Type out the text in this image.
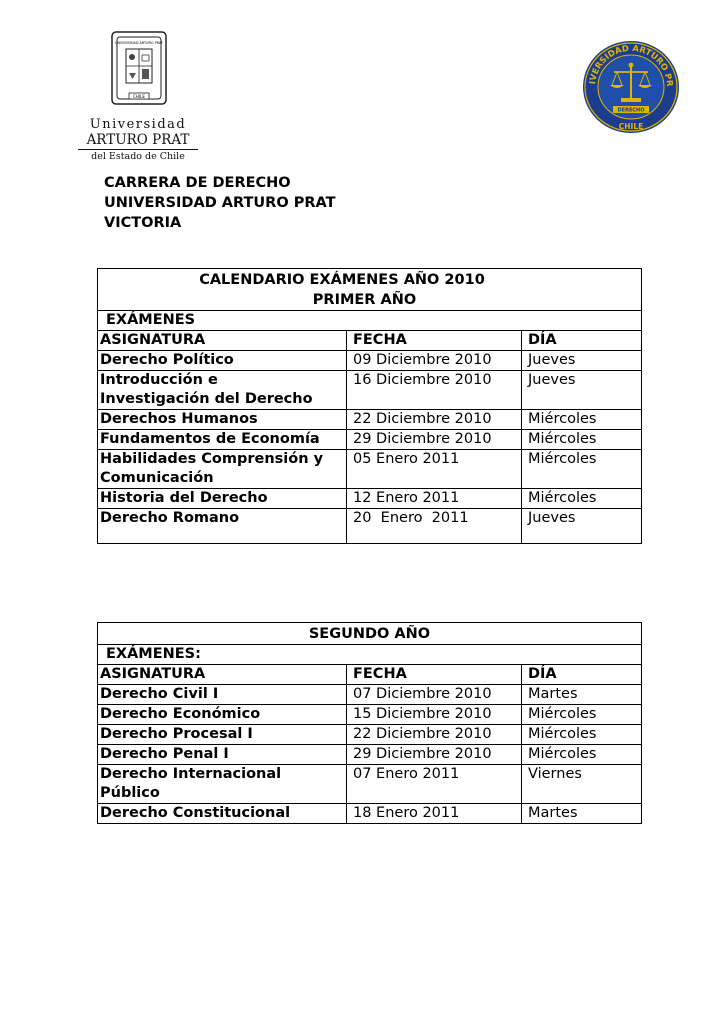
CHILE
UNIVERSIDAD ARTURO PRAT
Universidad
ARTURO PRAT
del Estado de Chile
IVERSIDAD ARTURO PR
CHILE
DERECHO
CARRERA DE DERECHO
UNIVERSIDAD ARTURO PRAT
VICTORIA
CALENDARIO EXÁMENES AÑO 2010
PRIMER AÑO		

EXÁMENES		
ASIGNATURA	FECHA	DÍA
Derecho Político	09 Diciembre 2010	Jueves

Introducción e
Investigación del Derecho	16 Diciembre 2010	Jueves
Derechos Humanos	22 Diciembre 2010	Miércoles
Fundamentos de Economía	29 Diciembre 2010	Miércoles

Habilidades Comprensión y
Comunicación	05 Enero 2011	Miércoles
Historia del Derecho	12 Enero 2011	Miércoles
Derecho Romano	20  Enero  2011	Jueves
SEGUNDO AÑO		
EXÁMENES:		
ASIGNATURA	FECHA	DÍA
Derecho Civil I	07 Diciembre 2010	Martes
Derecho Económico	15 Diciembre 2010	Miércoles
Derecho Procesal I	22 Diciembre 2010	Miércoles
Derecho Penal I	29 Diciembre 2010	Miércoles

Derecho Internacional
Público	07 Enero 2011	Viernes
Derecho Constitucional	18 Enero 2011	Martes
